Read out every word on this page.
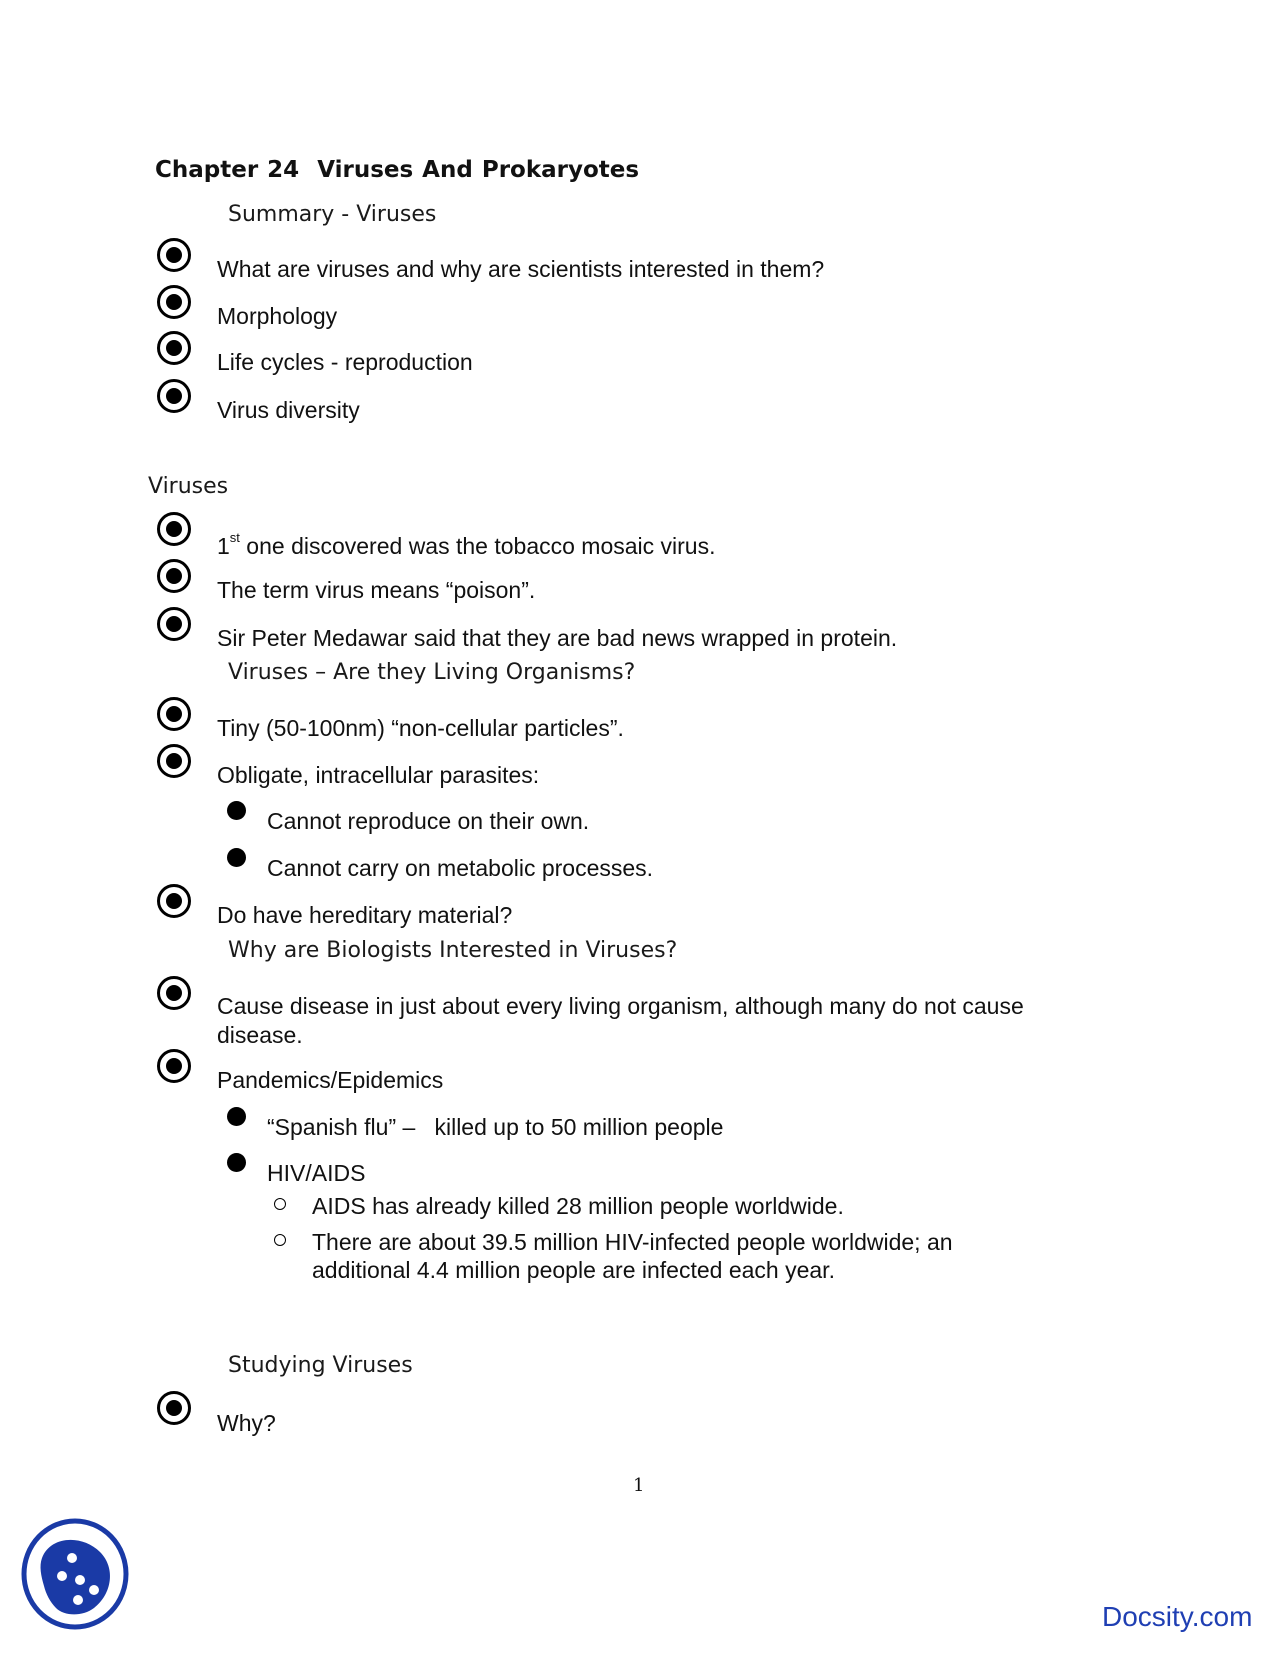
Chapter 24 Viruses And Prokaryotes
Summary - Viruses
What are viruses and why are scientists interested in them?
Morphology
Life cycles - reproduction
Virus diversity
Viruses
1st one discovered was the tobacco mosaic virus.
The term virus means “poison”.
Sir Peter Medawar said that they are bad news wrapped in protein.
Viruses – Are they Living Organisms?
Tiny (50-100nm) “non-cellular particles”.
Obligate, intracellular parasites:
Cannot reproduce on their own.
Cannot carry on metabolic processes.
Do have hereditary material?
Why are Biologists Interested in Viruses?
Cause disease in just about every living organism, although many do not cause
disease.
Pandemics/Epidemics
“Spanish flu” –   killed up to 50 million people
HIV/AIDS
AIDS has already killed 28 million people worldwide.
There are about 39.5 million HIV-infected people worldwide; an
additional 4.4 million people are infected each year.
Studying Viruses
Why?
1
Docsity.com
